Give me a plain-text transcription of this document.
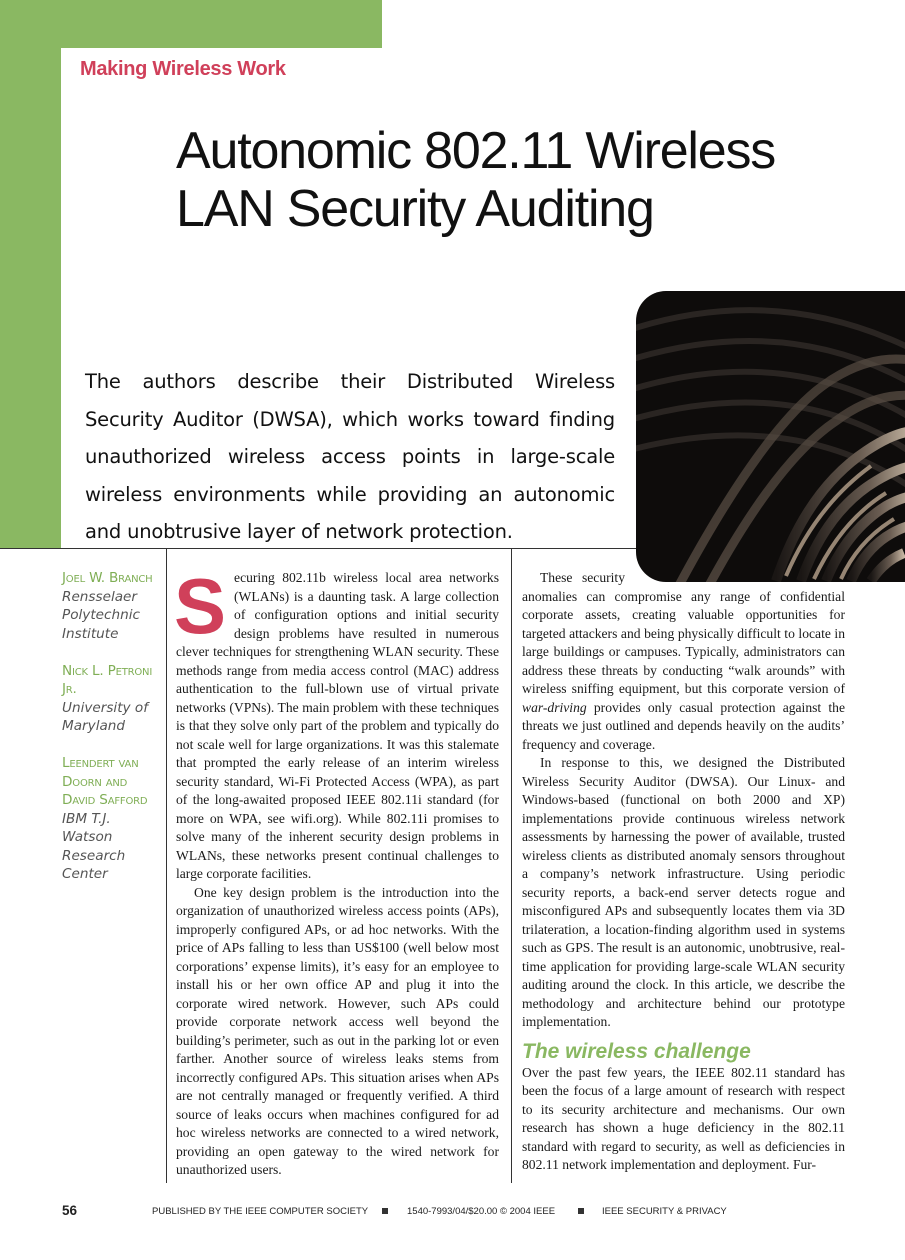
Making Wireless Work

Autonomic 802.11 Wireless
LAN Security Auditing

The authors describe their Distributed Wireless Security Auditor (DWSA), which works toward finding unauthorized wireless access points in large-scale wireless environments while providing an autonomic and unobtrusive layer of network protection.

Joel W. Branch
Rensselaer Polytechnic Institute
Nick L. Petroni Jr.
University of Maryland
Leendert van Doorn and David Safford
IBM T.J. Watson Research Center

Securing 802.11b wireless local area networks (WLANs) is a daunting task. A large collection of configuration options and initial security design problems have resulted in numerous clever techniques for strengthening WLAN security. These methods range from media access control (MAC) address authentication to the full-blown use of virtual private networks (VPNs). The main problem with these techniques is that they solve only part of the problem and typically do not scale well for large organizations. It was this stalemate that prompted the early release of an interim wireless security standard, Wi-Fi Protected Access (WPA), as part of the long-awaited proposed IEEE 802.11i standard (for more on WPA, see wifi.org). While 802.11i promises to solve many of the inherent security design problems in WLANs, these networks present continual challenges to large corporate facilities.

One key design problem is the introduction into the organization of unauthorized wireless access points (APs), improperly configured APs, or ad hoc networks. With the price of APs falling to less than US$100 (well below most corporations’ expense limits), it’s easy for an employee to install his or her own office AP and plug it into the corporate wired network. However, such APs could provide corporate network access well beyond the building’s perimeter, such as out in the parking lot or even farther. Another source of wireless leaks stems from incorrectly configured APs. This situation arises when APs are not centrally managed or frequently verified. A third source of leaks occurs when machines configured for ad hoc wireless networks are connected to a wired network, providing an open gateway to the wired network for unauthorized users.

These security anomalies can compromise any range of confidential corporate assets, creating valuable opportunities for targeted attackers and being physically difficult to locate in large buildings or campuses. Typically, administrators can address these threats by conducting “walk arounds” with wireless sniffing equipment, but this corporate version of war-driving provides only casual protection against the threats we just outlined and depends heavily on the audits’ frequency and coverage.

In response to this, we designed the Distributed Wireless Security Auditor (DWSA). Our Linux- and Windows-based (functional on both 2000 and XP) implementations provide continuous wireless network assessments by harnessing the power of available, trusted wireless clients as distributed anomaly sensors throughout a company’s network infrastructure. Using periodic security reports, a back-end server detects rogue and misconfigured APs and subsequently locates them via 3D trilateration, a location-finding algorithm used in systems such as GPS. The result is an autonomic, unobtrusive, real-time application for providing large-scale WLAN security auditing around the clock. In this article, we describe the methodology and architecture behind our prototype implementation.

The wireless challenge

Over the past few years, the IEEE 802.11 standard has been the focus of a large amount of research with respect to its security architecture and mechanisms. Our own research has shown a huge deficiency in the 802.11 standard with regard to security, as well as deficiencies in 802.11 network implementation and deployment. Fur-

56	PUBLISHED BY THE IEEE COMPUTER SOCIETY	1540-7993/04/$20.00 © 2004 IEEE	IEEE SECURITY & PRIVACY
